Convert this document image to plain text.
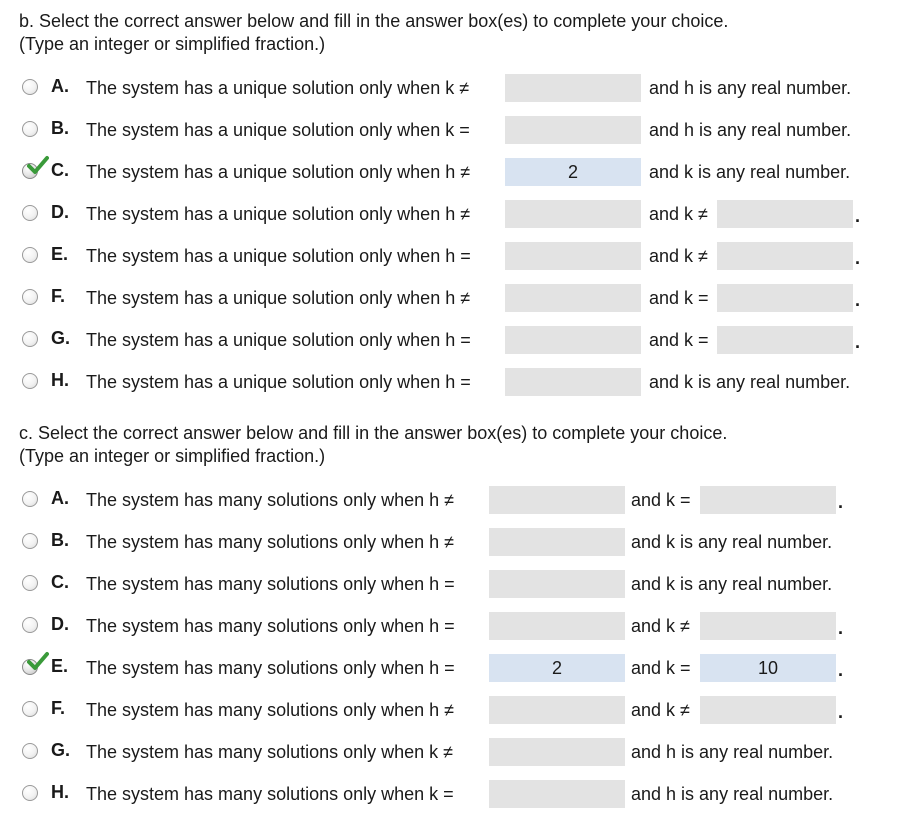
b. Select the correct answer below and fill in the answer box(es) to complete your choice.
(Type an integer or simplified fraction.)
A. The system has a unique solution only when k ≠	and h is any real number.
B. The system has a unique solution only when k =	and h is any real number.
C. The system has a unique solution only when h ≠	2	and k is any real number.
D. The system has a unique solution only when h ≠	and k ≠	.
E. The system has a unique solution only when h =	and k ≠	.
F. The system has a unique solution only when h ≠	and k =	.
G. The system has a unique solution only when h =	and k =	.
H. The system has a unique solution only when h =	and k is any real number.
c. Select the correct answer below and fill in the answer box(es) to complete your choice.
(Type an integer or simplified fraction.)
A. The system has many solutions only when h ≠	and k =	.
B. The system has many solutions only when h ≠	and k is any real number.
C. The system has many solutions only when h =	and k is any real number.
D. The system has many solutions only when h =	and k ≠	.
E. The system has many solutions only when h =	2	and k =	10	.
F. The system has many solutions only when h ≠	and k ≠	.
G. The system has many solutions only when k ≠	and h is any real number.
H. The system has many solutions only when k =	and h is any real number.
